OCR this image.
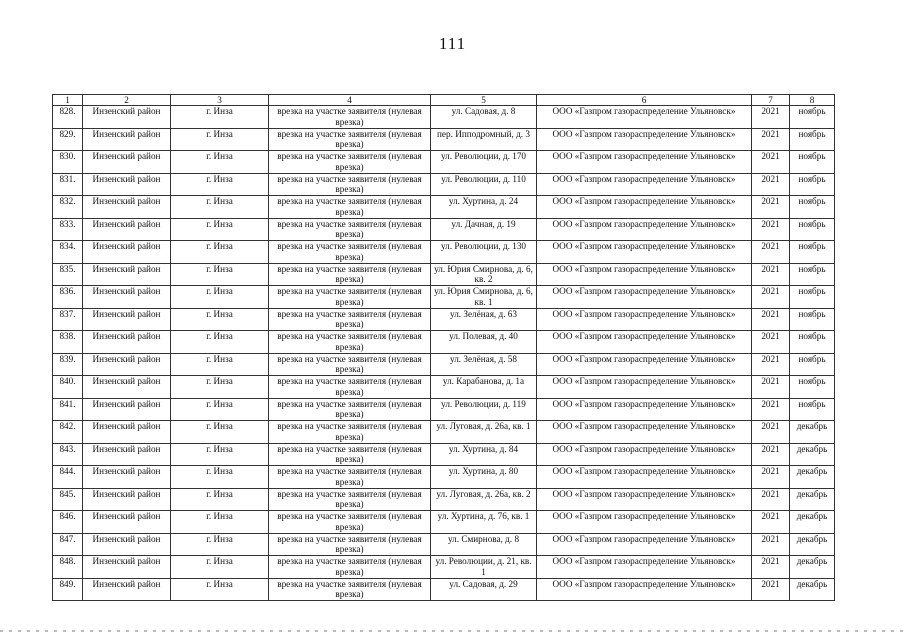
111
1	2	3	4	5	6	7	8
828.	Инзенский район	г. Инза	врезка на участке заявителя (нулевая врезка)	ул. Садовая, д. 8	ООО «Газпром газораспределение Ульяновск»	2021	ноябрь
829.	Инзенский район	г. Инза	врезка на участке заявителя (нулевая врезка)	пер. Ипподромный, д. 3	ООО «Газпром газораспределение Ульяновск»	2021	ноябрь
830.	Инзенский район	г. Инза	врезка на участке заявителя (нулевая врезка)	ул. Революции, д. 170	ООО «Газпром газораспределение Ульяновск»	2021	ноябрь
831.	Инзенский район	г. Инза	врезка на участке заявителя (нулевая врезка)	ул. Революции, д. 110	ООО «Газпром газораспределение Ульяновск»	2021	ноябрь
832.	Инзенский район	г. Инза	врезка на участке заявителя (нулевая врезка)	ул. Хуртина, д. 24	ООО «Газпром газораспределение Ульяновск»	2021	ноябрь
833.	Инзенский район	г. Инза	врезка на участке заявителя (нулевая врезка)	ул. Дачная, д. 19	ООО «Газпром газораспределение Ульяновск»	2021	ноябрь
834.	Инзенский район	г. Инза	врезка на участке заявителя (нулевая врезка)	ул. Революции, д. 130	ООО «Газпром газораспределение Ульяновск»	2021	ноябрь
835.	Инзенский район	г. Инза	врезка на участке заявителя (нулевая врезка)	ул. Юрия Смирнова, д. 6, кв. 2	ООО «Газпром газораспределение Ульяновск»	2021	ноябрь
836.	Инзенский район	г. Инза	врезка на участке заявителя (нулевая врезка)	ул. Юрия Смирнова, д. 6, кв. 1	ООО «Газпром газораспределение Ульяновск»	2021	ноябрь
837.	Инзенский район	г. Инза	врезка на участке заявителя (нулевая врезка)	ул. Зелёная, д. 63	ООО «Газпром газораспределение Ульяновск»	2021	ноябрь
838.	Инзенский район	г. Инза	врезка на участке заявителя (нулевая врезка)	ул. Полевая, д. 40	ООО «Газпром газораспределение Ульяновск»	2021	ноябрь
839.	Инзенский район	г. Инза	врезка на участке заявителя (нулевая врезка)	ул. Зелёная, д. 58	ООО «Газпром газораспределение Ульяновск»	2021	ноябрь
840.	Инзенский район	г. Инза	врезка на участке заявителя (нулевая врезка)	ул. Карабанова, д. 1а	ООО «Газпром газораспределение Ульяновск»	2021	ноябрь
841.	Инзенский район	г. Инза	врезка на участке заявителя (нулевая врезка)	ул. Революции, д. 119	ООО «Газпром газораспределение Ульяновск»	2021	ноябрь
842.	Инзенский район	г. Инза	врезка на участке заявителя (нулевая врезка)	ул. Луговая, д. 26а, кв. 1	ООО «Газпром газораспределение Ульяновск»	2021	декабрь
843.	Инзенский район	г. Инза	врезка на участке заявителя (нулевая врезка)	ул. Хуртина, д. 84	ООО «Газпром газораспределение Ульяновск»	2021	декабрь
844.	Инзенский район	г. Инза	врезка на участке заявителя (нулевая врезка)	ул. Хуртина, д. 80	ООО «Газпром газораспределение Ульяновск»	2021	декабрь
845.	Инзенский район	г. Инза	врезка на участке заявителя (нулевая врезка)	ул. Луговая, д. 26а, кв. 2	ООО «Газпром газораспределение Ульяновск»	2021	декабрь
846.	Инзенский район	г. Инза	врезка на участке заявителя (нулевая врезка)	ул. Хуртина, д. 76, кв. 1	ООО «Газпром газораспределение Ульяновск»	2021	декабрь
847.	Инзенский район	г. Инза	врезка на участке заявителя (нулевая врезка)	ул. Смирнова, д. 8	ООО «Газпром газораспределение Ульяновск»	2021	декабрь
848.	Инзенский район	г. Инза	врезка на участке заявителя (нулевая врезка)	ул. Революции, д. 21, кв. 1	ООО «Газпром газораспределение Ульяновск»	2021	декабрь
849.	Инзенский район	г. Инза	врезка на участке заявителя (нулевая врезка)	ул. Садовая, д. 29	ООО «Газпром газораспределение Ульяновск»	2021	декабрь
